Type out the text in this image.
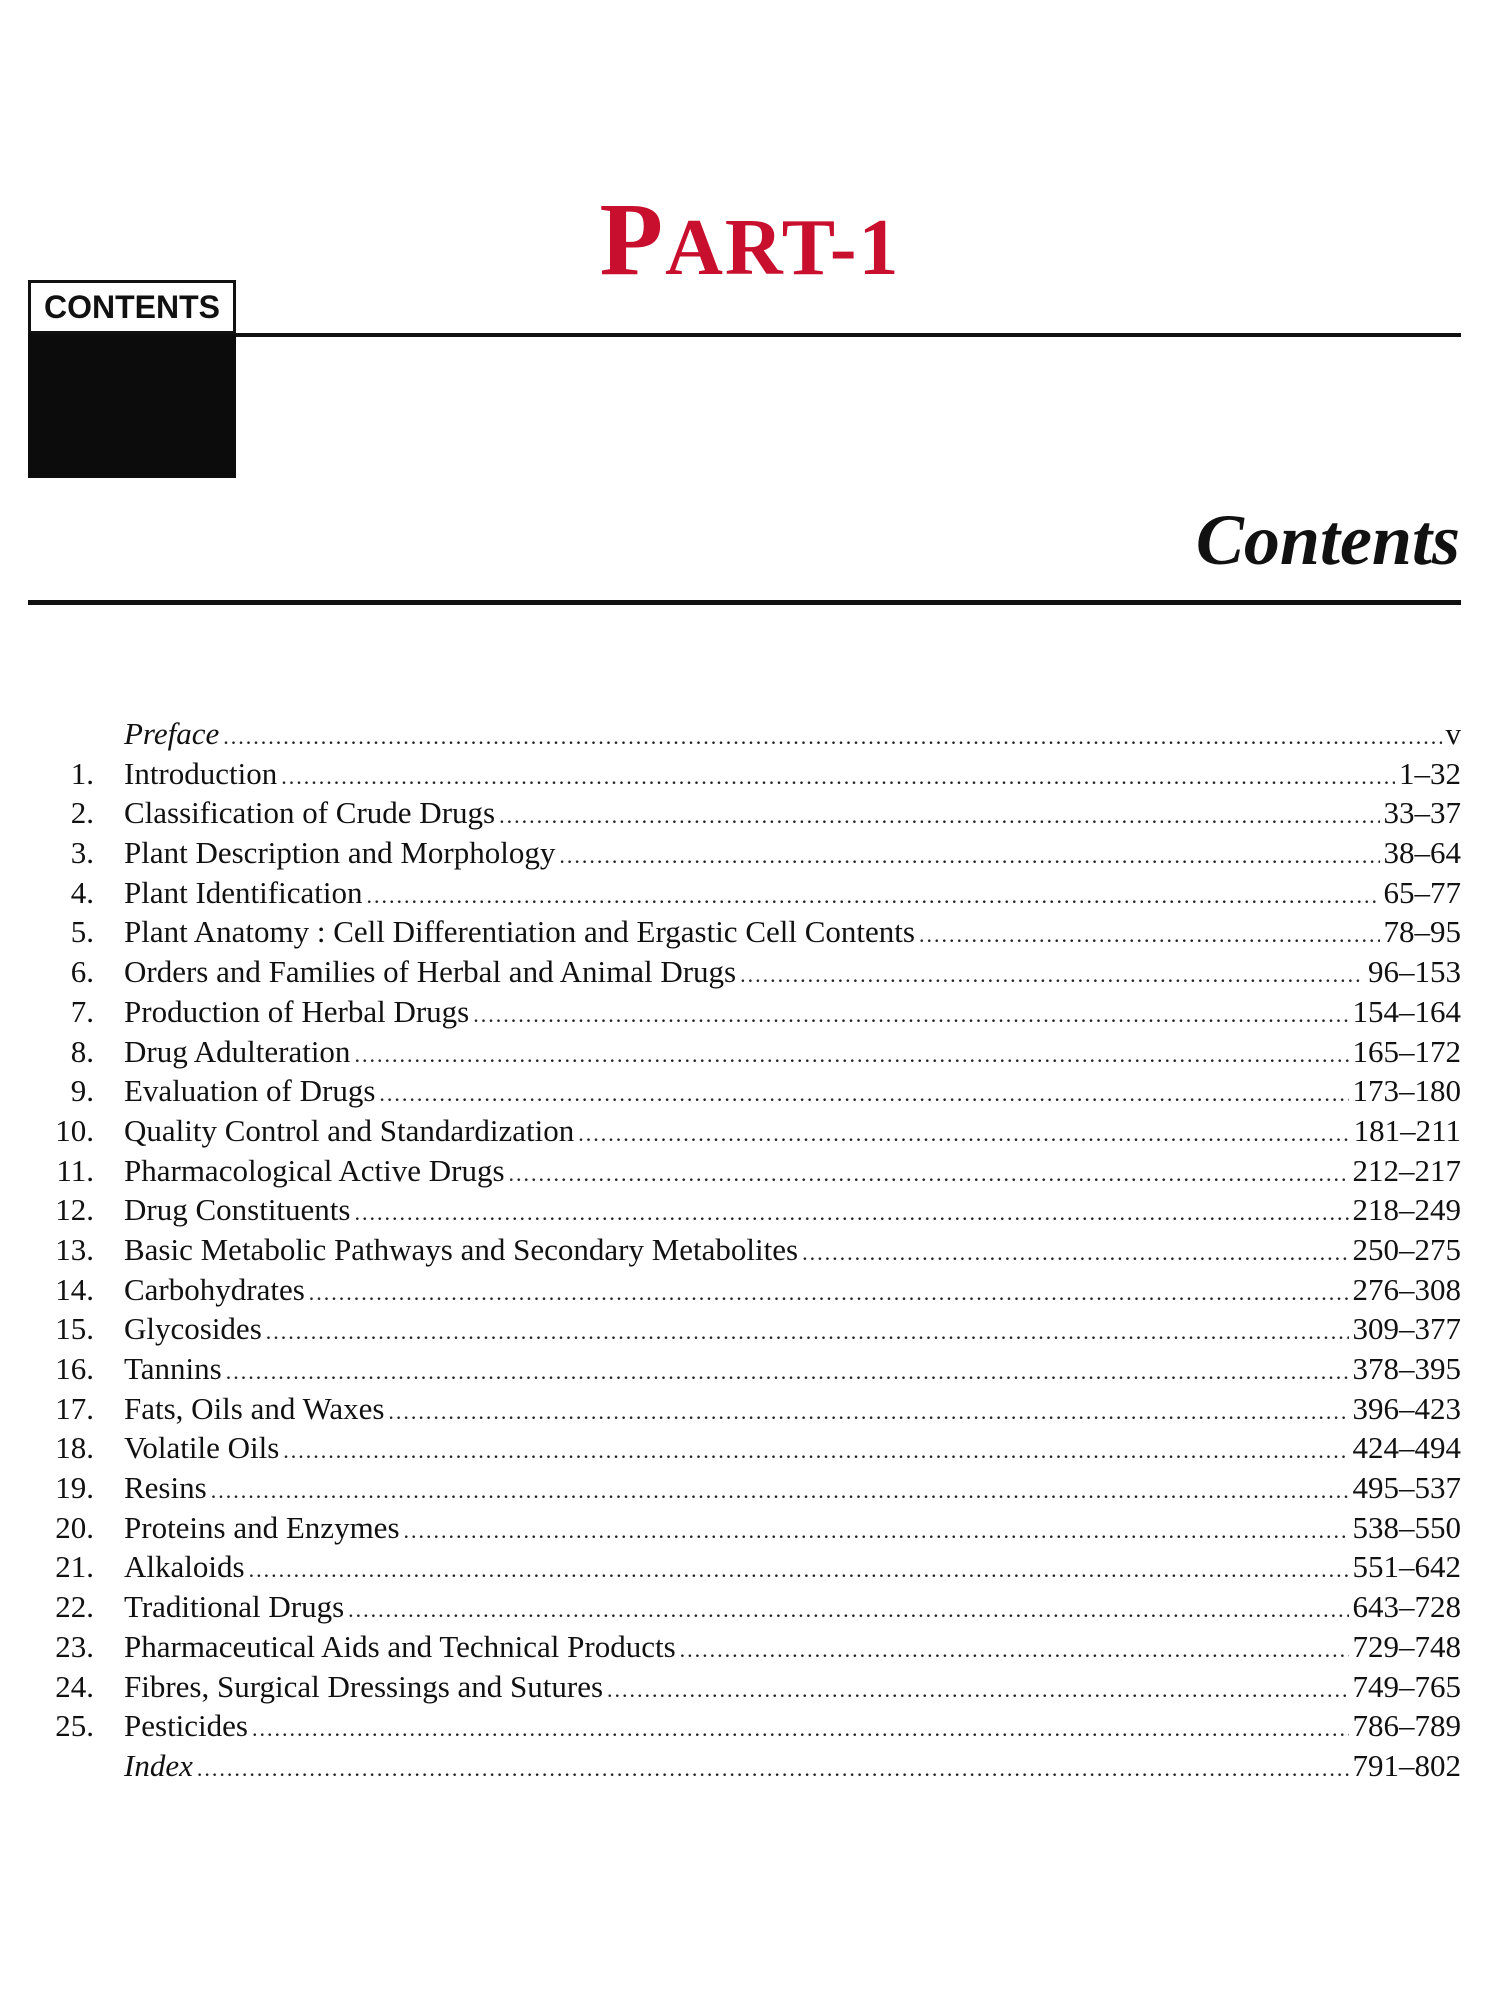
PART-1
CONTENTS
Contents
Preface .....	v
1. Introduction .....	1–32
2. Classification of Crude Drugs .....	33–37
3. Plant Description and Morphology .....	38–64
4. Plant Identification .....	65–77
5. Plant Anatomy : Cell Differentiation and Ergastic Cell Contents .....	78–95
6. Orders and Families of Herbal and Animal Drugs .....	96–153
7. Production of Herbal Drugs .....	154–164
8. Drug Adulteration .....	165–172
9. Evaluation of Drugs .....	173–180
10. Quality Control and Standardization .....	181–211
11. Pharmacological Active Drugs .....	212–217
12. Drug Constituents .....	218–249
13. Basic Metabolic Pathways and Secondary Metabolites .....	250–275
14. Carbohydrates .....	276–308
15. Glycosides .....	309–377
16. Tannins .....	378–395
17. Fats, Oils and Waxes .....	396–423
18. Volatile Oils .....	424–494
19. Resins .....	495–537
20. Proteins and Enzymes .....	538–550
21. Alkaloids .....	551–642
22. Traditional Drugs .....	643–728
23. Pharmaceutical Aids and Technical Products .....	729–748
24. Fibres, Surgical Dressings and Sutures .....	749–765
25. Pesticides .....	786–789
Index .....	791–802
